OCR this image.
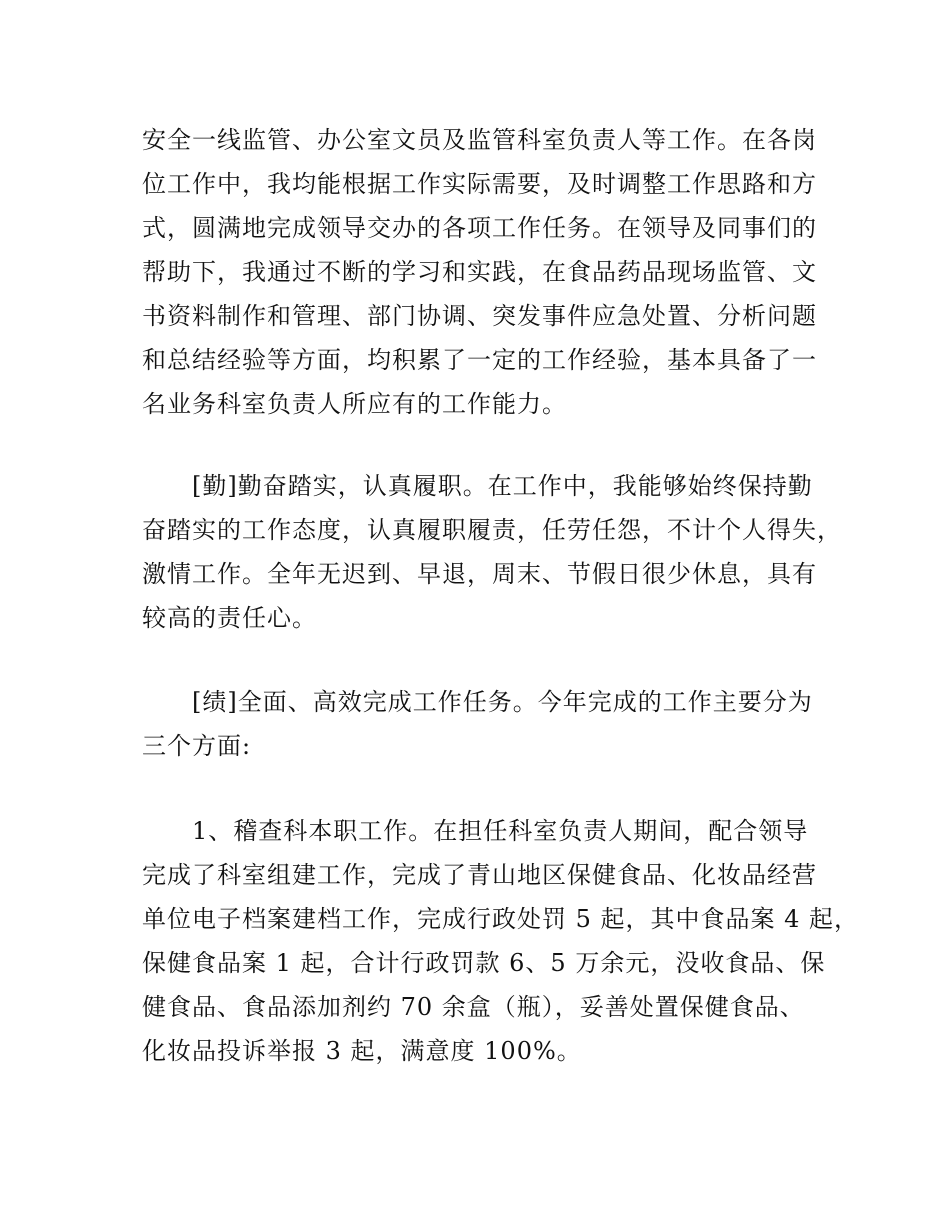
安全一线监管、办公室文员及监管科室负责人等工作。在各岗
位工作中，我均能根据工作实际需要，及时调整工作思路和方
式，圆满地完成领导交办的各项工作任务。在领导及同事们的
帮助下，我通过不断的学习和实践，在食品药品现场监管、文
书资料制作和管理、部门协调、突发事件应急处置、分析问题
和总结经验等方面，均积累了一定的工作经验，基本具备了一
名业务科室负责人所应有的工作能力。
　　[勤]勤奋踏实，认真履职。在工作中，我能够始终保持勤
奋踏实的工作态度，认真履职履责，任劳任怨，不计个人得失，
激情工作。全年无迟到、早退，周末、节假日很少休息，具有
较高的责任心。
　　[绩]全面、高效完成工作任务。今年完成的工作主要分为
三个方面:
　　1、稽查科本职工作。在担任科室负责人期间，配合领导
完成了科室组建工作，完成了青山地区保健食品、化妆品经营
单位电子档案建档工作，完成行政处罚 5 起，其中食品案 4 起，
保健食品案 1 起，合计行政罚款 6、5 万余元，没收食品、保
健食品、食品添加剂约 70 余盒（瓶），妥善处置保健食品、
化妆品投诉举报 3 起，满意度 100%。
